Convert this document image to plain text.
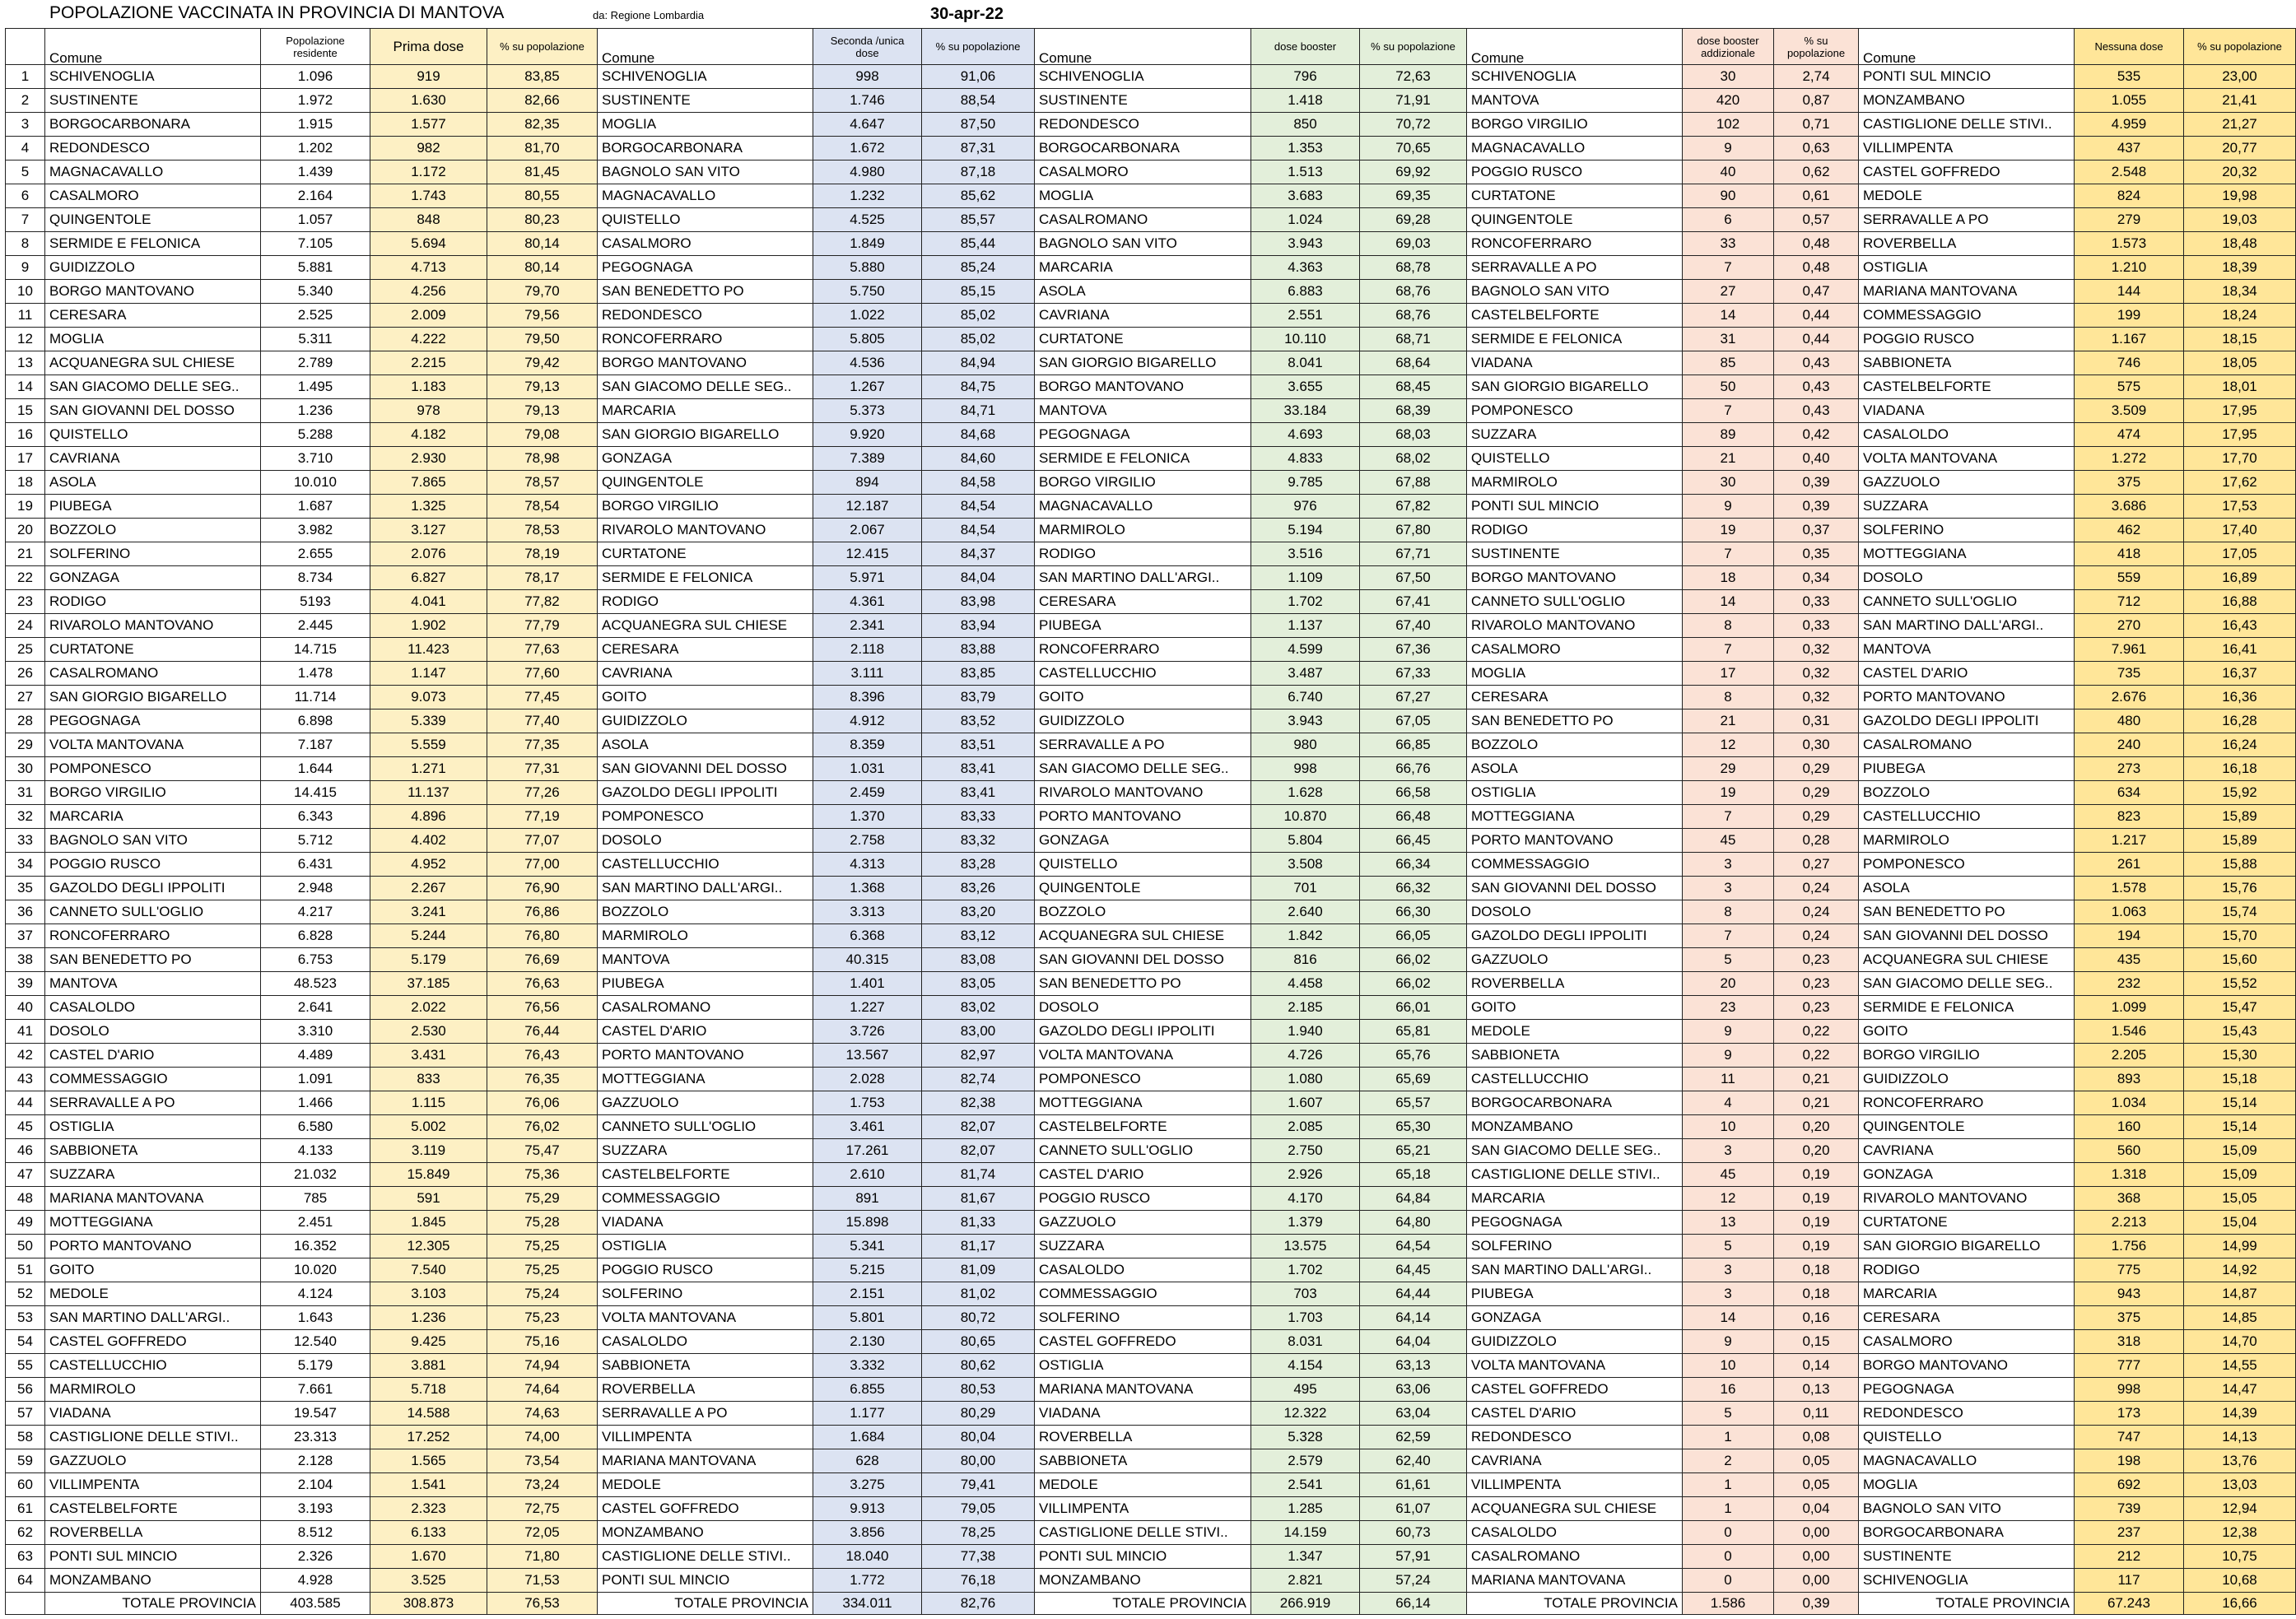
POPOLAZIONE VACCINATA IN PROVINCIA DI MANTOVA	da: Regione Lombardia	30-apr-22
	Comune	Popolazione residente	Prima dose	% su popolazione	Comune	Seconda /unica dose	% su popolazione	Comune	dose booster	% su popolazione	Comune	dose booster addizionale	% su popolazione	Comune	Nessuna dose	% su popolazione
1	SCHIVENOGLIA	1.096	919	83,85	SCHIVENOGLIA	998	91,06	SCHIVENOGLIA	796	72,63	SCHIVENOGLIA	30	2,74	PONTI SUL MINCIO	535	23,00
2	SUSTINENTE	1.972	1.630	82,66	SUSTINENTE	1.746	88,54	SUSTINENTE	1.418	71,91	MANTOVA	420	0,87	MONZAMBANO	1.055	21,41
3	BORGOCARBONARA	1.915	1.577	82,35	MOGLIA	4.647	87,50	REDONDESCO	850	70,72	BORGO VIRGILIO	102	0,71	CASTIGLIONE DELLE STIVI..	4.959	21,27
4	REDONDESCO	1.202	982	81,70	BORGOCARBONARA	1.672	87,31	BORGOCARBONARA	1.353	70,65	MAGNACAVALLO	9	0,63	VILLIMPENTA	437	20,77
5	MAGNACAVALLO	1.439	1.172	81,45	BAGNOLO SAN VITO	4.980	87,18	CASALMORO	1.513	69,92	POGGIO RUSCO	40	0,62	CASTEL GOFFREDO	2.548	20,32
6	CASALMORO	2.164	1.743	80,55	MAGNACAVALLO	1.232	85,62	MOGLIA	3.683	69,35	CURTATONE	90	0,61	MEDOLE	824	19,98
7	QUINGENTOLE	1.057	848	80,23	QUISTELLO	4.525	85,57	CASALROMANO	1.024	69,28	QUINGENTOLE	6	0,57	SERRAVALLE A PO	279	19,03
8	SERMIDE E FELONICA	7.105	5.694	80,14	CASALMORO	1.849	85,44	BAGNOLO SAN VITO	3.943	69,03	RONCOFERRARO	33	0,48	ROVERBELLA	1.573	18,48
9	GUIDIZZOLO	5.881	4.713	80,14	PEGOGNAGA	5.880	85,24	MARCARIA	4.363	68,78	SERRAVALLE A PO	7	0,48	OSTIGLIA	1.210	18,39
10	BORGO MANTOVANO	5.340	4.256	79,70	SAN BENEDETTO PO	5.750	85,15	ASOLA	6.883	68,76	BAGNOLO SAN VITO	27	0,47	MARIANA MANTOVANA	144	18,34
11	CERESARA	2.525	2.009	79,56	REDONDESCO	1.022	85,02	CAVRIANA	2.551	68,76	CASTELBELFORTE	14	0,44	COMMESSAGGIO	199	18,24
12	MOGLIA	5.311	4.222	79,50	RONCOFERRARO	5.805	85,02	CURTATONE	10.110	68,71	SERMIDE E FELONICA	31	0,44	POGGIO RUSCO	1.167	18,15
13	ACQUANEGRA SUL CHIESE	2.789	2.215	79,42	BORGO MANTOVANO	4.536	84,94	SAN GIORGIO BIGARELLO	8.041	68,64	VIADANA	85	0,43	SABBIONETA	746	18,05
14	SAN GIACOMO DELLE SEG..	1.495	1.183	79,13	SAN GIACOMO DELLE SEG..	1.267	84,75	BORGO MANTOVANO	3.655	68,45	SAN GIORGIO BIGARELLO	50	0,43	CASTELBELFORTE	575	18,01
15	SAN GIOVANNI DEL DOSSO	1.236	978	79,13	MARCARIA	5.373	84,71	MANTOVA	33.184	68,39	POMPONESCO	7	0,43	VIADANA	3.509	17,95
16	QUISTELLO	5.288	4.182	79,08	SAN GIORGIO BIGARELLO	9.920	84,68	PEGOGNAGA	4.693	68,03	SUZZARA	89	0,42	CASALOLDO	474	17,95
17	CAVRIANA	3.710	2.930	78,98	GONZAGA	7.389	84,60	SERMIDE E FELONICA	4.833	68,02	QUISTELLO	21	0,40	VOLTA MANTOVANA	1.272	17,70
18	ASOLA	10.010	7.865	78,57	QUINGENTOLE	894	84,58	BORGO VIRGILIO	9.785	67,88	MARMIROLO	30	0,39	GAZZUOLO	375	17,62
19	PIUBEGA	1.687	1.325	78,54	BORGO VIRGILIO	12.187	84,54	MAGNACAVALLO	976	67,82	PONTI SUL MINCIO	9	0,39	SUZZARA	3.686	17,53
20	BOZZOLO	3.982	3.127	78,53	RIVAROLO MANTOVANO	2.067	84,54	MARMIROLO	5.194	67,80	RODIGO	19	0,37	SOLFERINO	462	17,40
21	SOLFERINO	2.655	2.076	78,19	CURTATONE	12.415	84,37	RODIGO	3.516	67,71	SUSTINENTE	7	0,35	MOTTEGGIANA	418	17,05
22	GONZAGA	8.734	6.827	78,17	SERMIDE E FELONICA	5.971	84,04	SAN MARTINO DALL'ARGI..	1.109	67,50	BORGO MANTOVANO	18	0,34	DOSOLO	559	16,89
23	RODIGO	5193	4.041	77,82	RODIGO	4.361	83,98	CERESARA	1.702	67,41	CANNETO SULL'OGLIO	14	0,33	CANNETO SULL'OGLIO	712	16,88
24	RIVAROLO MANTOVANO	2.445	1.902	77,79	ACQUANEGRA SUL CHIESE	2.341	83,94	PIUBEGA	1.137	67,40	RIVAROLO MANTOVANO	8	0,33	SAN MARTINO DALL'ARGI..	270	16,43
25	CURTATONE	14.715	11.423	77,63	CERESARA	2.118	83,88	RONCOFERRARO	4.599	67,36	CASALMORO	7	0,32	MANTOVA	7.961	16,41
26	CASALROMANO	1.478	1.147	77,60	CAVRIANA	3.111	83,85	CASTELLUCCHIO	3.487	67,33	MOGLIA	17	0,32	CASTEL D'ARIO	735	16,37
27	SAN GIORGIO BIGARELLO	11.714	9.073	77,45	GOITO	8.396	83,79	GOITO	6.740	67,27	CERESARA	8	0,32	PORTO MANTOVANO	2.676	16,36
28	PEGOGNAGA	6.898	5.339	77,40	GUIDIZZOLO	4.912	83,52	GUIDIZZOLO	3.943	67,05	SAN BENEDETTO PO	21	0,31	GAZOLDO DEGLI IPPOLITI	480	16,28
29	VOLTA MANTOVANA	7.187	5.559	77,35	ASOLA	8.359	83,51	SERRAVALLE A PO	980	66,85	BOZZOLO	12	0,30	CASALROMANO	240	16,24
30	POMPONESCO	1.644	1.271	77,31	SAN GIOVANNI DEL DOSSO	1.031	83,41	SAN GIACOMO DELLE SEG..	998	66,76	ASOLA	29	0,29	PIUBEGA	273	16,18
31	BORGO VIRGILIO	14.415	11.137	77,26	GAZOLDO DEGLI IPPOLITI	2.459	83,41	RIVAROLO MANTOVANO	1.628	66,58	OSTIGLIA	19	0,29	BOZZOLO	634	15,92
32	MARCARIA	6.343	4.896	77,19	POMPONESCO	1.370	83,33	PORTO MANTOVANO	10.870	66,48	MOTTEGGIANA	7	0,29	CASTELLUCCHIO	823	15,89
33	BAGNOLO SAN VITO	5.712	4.402	77,07	DOSOLO	2.758	83,32	GONZAGA	5.804	66,45	PORTO MANTOVANO	45	0,28	MARMIROLO	1.217	15,89
34	POGGIO RUSCO	6.431	4.952	77,00	CASTELLUCCHIO	4.313	83,28	QUISTELLO	3.508	66,34	COMMESSAGGIO	3	0,27	POMPONESCO	261	15,88
35	GAZOLDO DEGLI IPPOLITI	2.948	2.267	76,90	SAN MARTINO DALL'ARGI..	1.368	83,26	QUINGENTOLE	701	66,32	SAN GIOVANNI DEL DOSSO	3	0,24	ASOLA	1.578	15,76
36	CANNETO SULL'OGLIO	4.217	3.241	76,86	BOZZOLO	3.313	83,20	BOZZOLO	2.640	66,30	DOSOLO	8	0,24	SAN BENEDETTO PO	1.063	15,74
37	RONCOFERRARO	6.828	5.244	76,80	MARMIROLO	6.368	83,12	ACQUANEGRA SUL CHIESE	1.842	66,05	GAZOLDO DEGLI IPPOLITI	7	0,24	SAN GIOVANNI DEL DOSSO	194	15,70
38	SAN BENEDETTO PO	6.753	5.179	76,69	MANTOVA	40.315	83,08	SAN GIOVANNI DEL DOSSO	816	66,02	GAZZUOLO	5	0,23	ACQUANEGRA SUL CHIESE	435	15,60
39	MANTOVA	48.523	37.185	76,63	PIUBEGA	1.401	83,05	SAN BENEDETTO PO	4.458	66,02	ROVERBELLA	20	0,23	SAN GIACOMO DELLE SEG..	232	15,52
40	CASALOLDO	2.641	2.022	76,56	CASALROMANO	1.227	83,02	DOSOLO	2.185	66,01	GOITO	23	0,23	SERMIDE E FELONICA	1.099	15,47
41	DOSOLO	3.310	2.530	76,44	CASTEL D'ARIO	3.726	83,00	GAZOLDO DEGLI IPPOLITI	1.940	65,81	MEDOLE	9	0,22	GOITO	1.546	15,43
42	CASTEL D'ARIO	4.489	3.431	76,43	PORTO MANTOVANO	13.567	82,97	VOLTA MANTOVANA	4.726	65,76	SABBIONETA	9	0,22	BORGO VIRGILIO	2.205	15,30
43	COMMESSAGGIO	1.091	833	76,35	MOTTEGGIANA	2.028	82,74	POMPONESCO	1.080	65,69	CASTELLUCCHIO	11	0,21	GUIDIZZOLO	893	15,18
44	SERRAVALLE A PO	1.466	1.115	76,06	GAZZUOLO	1.753	82,38	MOTTEGGIANA	1.607	65,57	BORGOCARBONARA	4	0,21	RONCOFERRARO	1.034	15,14
45	OSTIGLIA	6.580	5.002	76,02	CANNETO SULL'OGLIO	3.461	82,07	CASTELBELFORTE	2.085	65,30	MONZAMBANO	10	0,20	QUINGENTOLE	160	15,14
46	SABBIONETA	4.133	3.119	75,47	SUZZARA	17.261	82,07	CANNETO SULL'OGLIO	2.750	65,21	SAN GIACOMO DELLE SEG..	3	0,20	CAVRIANA	560	15,09
47	SUZZARA	21.032	15.849	75,36	CASTELBELFORTE	2.610	81,74	CASTEL D'ARIO	2.926	65,18	CASTIGLIONE DELLE STIVI..	45	0,19	GONZAGA	1.318	15,09
48	MARIANA MANTOVANA	785	591	75,29	COMMESSAGGIO	891	81,67	POGGIO RUSCO	4.170	64,84	MARCARIA	12	0,19	RIVAROLO MANTOVANO	368	15,05
49	MOTTEGGIANA	2.451	1.845	75,28	VIADANA	15.898	81,33	GAZZUOLO	1.379	64,80	PEGOGNAGA	13	0,19	CURTATONE	2.213	15,04
50	PORTO MANTOVANO	16.352	12.305	75,25	OSTIGLIA	5.341	81,17	SUZZARA	13.575	64,54	SOLFERINO	5	0,19	SAN GIORGIO BIGARELLO	1.756	14,99
51	GOITO	10.020	7.540	75,25	POGGIO RUSCO	5.215	81,09	CASALOLDO	1.702	64,45	SAN MARTINO DALL'ARGI..	3	0,18	RODIGO	775	14,92
52	MEDOLE	4.124	3.103	75,24	SOLFERINO	2.151	81,02	COMMESSAGGIO	703	64,44	PIUBEGA	3	0,18	MARCARIA	943	14,87
53	SAN MARTINO DALL'ARGI..	1.643	1.236	75,23	VOLTA MANTOVANA	5.801	80,72	SOLFERINO	1.703	64,14	GONZAGA	14	0,16	CERESARA	375	14,85
54	CASTEL GOFFREDO	12.540	9.425	75,16	CASALOLDO	2.130	80,65	CASTEL GOFFREDO	8.031	64,04	GUIDIZZOLO	9	0,15	CASALMORO	318	14,70
55	CASTELLUCCHIO	5.179	3.881	74,94	SABBIONETA	3.332	80,62	OSTIGLIA	4.154	63,13	VOLTA MANTOVANA	10	0,14	BORGO MANTOVANO	777	14,55
56	MARMIROLO	7.661	5.718	74,64	ROVERBELLA	6.855	80,53	MARIANA MANTOVANA	495	63,06	CASTEL GOFFREDO	16	0,13	PEGOGNAGA	998	14,47
57	VIADANA	19.547	14.588	74,63	SERRAVALLE A PO	1.177	80,29	VIADANA	12.322	63,04	CASTEL D'ARIO	5	0,11	REDONDESCO	173	14,39
58	CASTIGLIONE DELLE STIVI..	23.313	17.252	74,00	VILLIMPENTA	1.684	80,04	ROVERBELLA	5.328	62,59	REDONDESCO	1	0,08	QUISTELLO	747	14,13
59	GAZZUOLO	2.128	1.565	73,54	MARIANA MANTOVANA	628	80,00	SABBIONETA	2.579	62,40	CAVRIANA	2	0,05	MAGNACAVALLO	198	13,76
60	VILLIMPENTA	2.104	1.541	73,24	MEDOLE	3.275	79,41	MEDOLE	2.541	61,61	VILLIMPENTA	1	0,05	MOGLIA	692	13,03
61	CASTELBELFORTE	3.193	2.323	72,75	CASTEL GOFFREDO	9.913	79,05	VILLIMPENTA	1.285	61,07	ACQUANEGRA SUL CHIESE	1	0,04	BAGNOLO SAN VITO	739	12,94
62	ROVERBELLA	8.512	6.133	72,05	MONZAMBANO	3.856	78,25	CASTIGLIONE DELLE STIVI..	14.159	60,73	CASALOLDO	0	0,00	BORGOCARBONARA	237	12,38
63	PONTI SUL MINCIO	2.326	1.670	71,80	CASTIGLIONE DELLE STIVI..	18.040	77,38	PONTI SUL MINCIO	1.347	57,91	CASALROMANO	0	0,00	SUSTINENTE	212	10,75
64	MONZAMBANO	4.928	3.525	71,53	PONTI SUL MINCIO	1.772	76,18	MONZAMBANO	2.821	57,24	MARIANA MANTOVANA	0	0,00	SCHIVENOGLIA	117	10,68
	TOTALE PROVINCIA	403.585	308.873	76,53	TOTALE PROVINCIA	334.011	82,76	TOTALE PROVINCIA	266.919	66,14	TOTALE PROVINCIA	1.586	0,39	TOTALE PROVINCIA	67.243	16,66
